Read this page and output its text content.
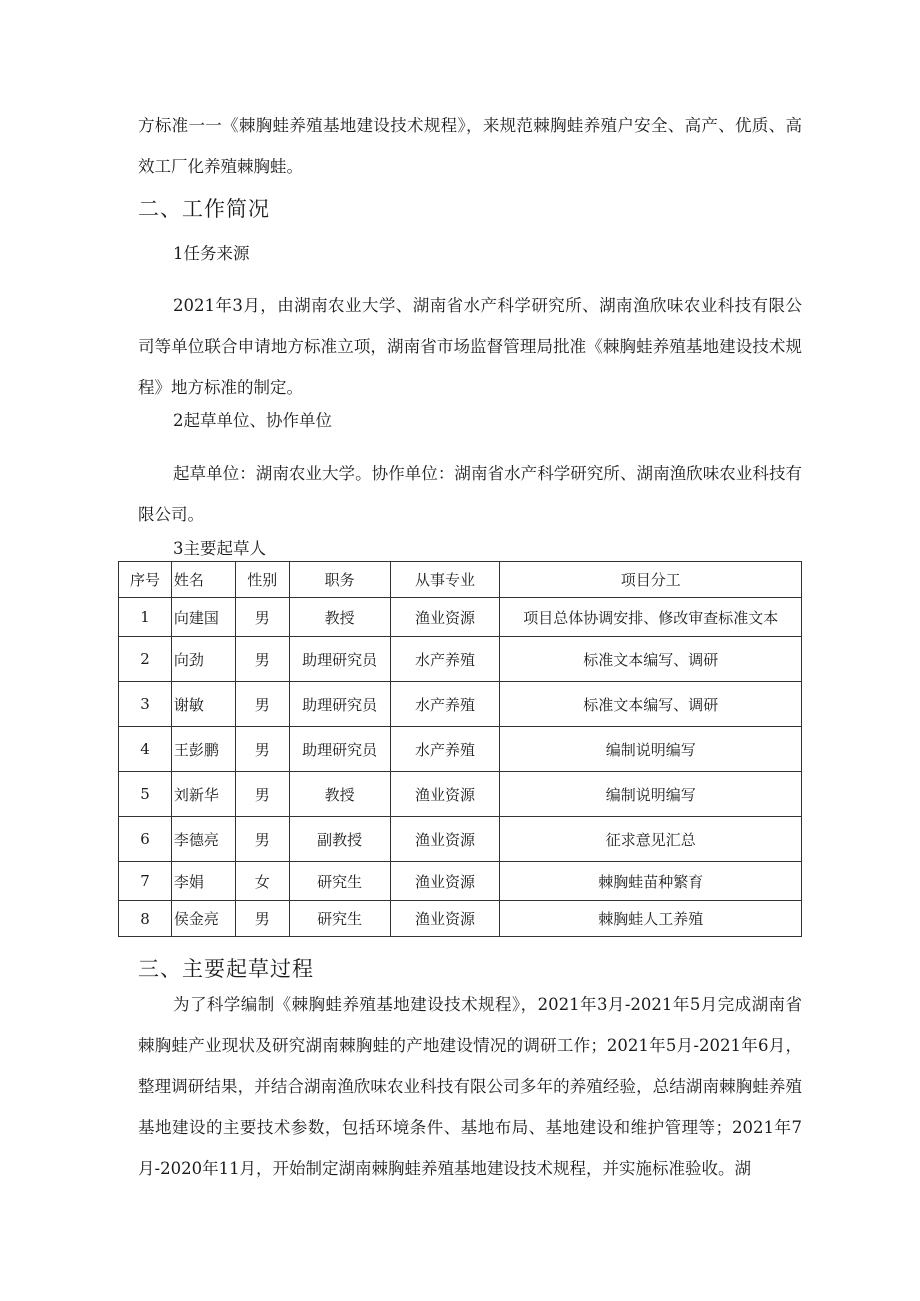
方标准一一《棘胸蛙养殖基地建设技术规程》，来规范棘胸蛙养殖户安全、高产、优质、高效工厂化养殖棘胸蛙。
二、工作简况
1任务来源
2021年3月，由湖南农业大学、湖南省水产科学研究所、湖南渔欣味农业科技有限公司等单位联合申请地方标准立项，湖南省市场监督管理局批准《棘胸蛙养殖基地建设技术规程》地方标准的制定。
2起草单位、协作单位
起草单位：湖南农业大学。协作单位：湖南省水产科学研究所、湖南渔欣味农业科技有限公司。
3主要起草人
序号	姓名	性别	职务	从事专业	项目分工
1	向建国	男	教授	渔业资源	项目总体协调安排、修改审查标准文本
2	向劲	男	助理研究员	水产养殖	标准文本编写、调研
3	谢敏	男	助理研究员	水产养殖	标准文本编写、调研
4	王彭鹏	男	助理研究员	水产养殖	编制说明编写
5	刘新华	男	教授	渔业资源	编制说明编写
6	李德亮	男	副教授	渔业资源	征求意见汇总
7	李娟	女	研究生	渔业资源	棘胸蛙苗种繁育
8	侯金亮	男	研究生	渔业资源	棘胸蛙人工养殖
三、主要起草过程
为了科学编制《棘胸蛙养殖基地建设技术规程》，2021年3月-2021年5月完成湖南省棘胸蛙产业现状及研究湖南棘胸蛙的产地建设情况的调研工作；2021年5月-2021年6月，整理调研结果，并结合湖南渔欣味农业科技有限公司多年的养殖经验，总结湖南棘胸蛙养殖基地建设的主要技术参数，包括环境条件、基地布局、基地建设和维护管理等；2021年7月-2020年11月，开始制定湖南棘胸蛙养殖基地建设技术规程，并实施标准验收。湖
